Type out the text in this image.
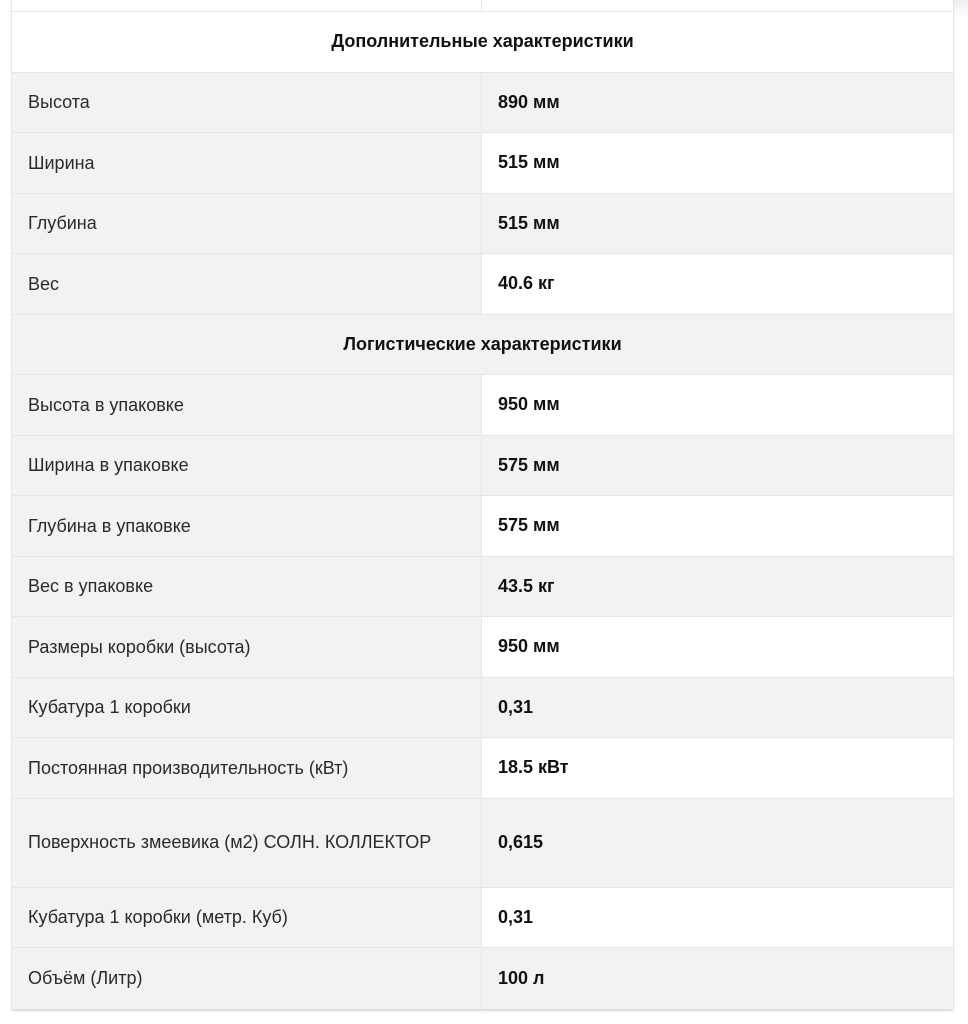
Дополнительные характеристики
Высота	890 мм
Ширина	515 мм
Глубина	515 мм
Вес	40.6 кг
Логистические характеристики
Высота в упаковке	950 мм
Ширина в упаковке	575 мм
Глубина в упаковке	575 мм
Вес в упаковке	43.5 кг
Размеры коробки (высота)	950 мм
Кубатура 1 коробки	0,31
Постоянная производительность (кВт)	18.5 кВт
Поверхность змеевика (м2) СОЛН. КОЛЛЕКТОР	0,615
Кубатура 1 коробки (метр. Куб)	0,31
Объём (Литр)	100 л
